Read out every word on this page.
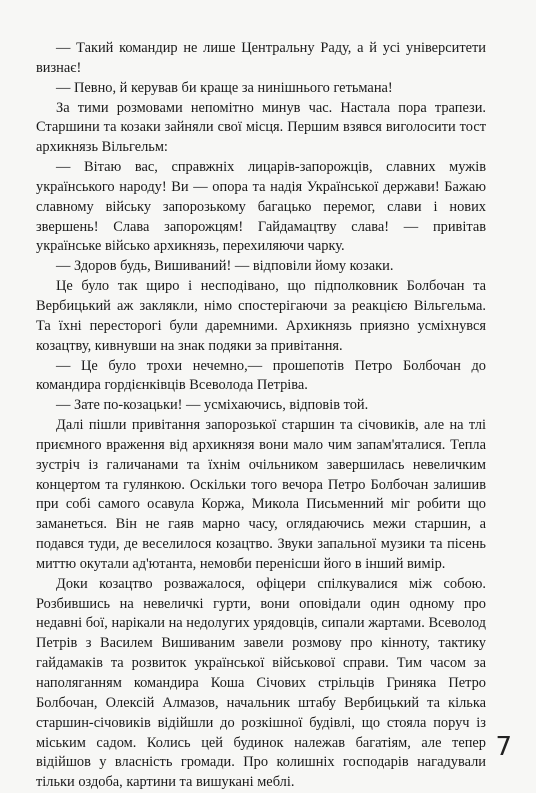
— Такий командир не лише Центральну Раду, а й усі університети визнає!

— Певно, й керував би краще за нинішнього гетьмана!

За тими розмовами непомітно минув час. Настала пора трапези. Старшини та козаки зайняли свої місця. Першим взявся виголосити тост архикнязь Вільгельм:

— Вітаю вас, справжніх лицарів-запорожців, славних мужів українського народу! Ви — опора та надія Української держави! Бажаю славному війську запорозькому багацько перемог, слави і нових звершень! Слава запорожцям! Гайдамацтву слава! — привітав українське військо архикнязь, перехиляючи чарку.

— Здоров будь, Вишиваний! — відповіли йому козаки.

Це було так щиро і несподівано, що підполковник Болбочан та Вербицький аж заклякли, німо спостерігаючи за реакцією Вільгельма. Та їхні пересторогі були даремними. Архикнязь приязно усміхнувся козацтву, кивнувши на знак подяки за привітання.

— Це було трохи нечемно,— прошепотів Петро Болбочан до командира гордієнківців Всеволода Петріва.

— Зате по-козацьки! — усміхаючись, відповів той.

Далі пішли привітання запорозької старшин та січовиків, але на тлі приємного враження від архикнязя вони мало чим запам'яталися. Тепла зустріч із галичанами та їхнім очільником завершилась невеличким концертом та гулянкою. Оскільки того вечора Петро Болбочан залишив при собі самого осавула Коржа, Микола Письменний міг робити що заманеться. Він не гаяв марно часу, оглядаючись межи старшин, а подався туди, де веселилося козацтво. Звуки запальної музики та пісень миттю окутали ад'ютанта, немовби перенісши його в інший вимір.

Доки козацтво розважалося, офіцери спілкувалися між собою. Розбившись на невеличкі гурти, вони оповідали один одному про недавні бої, нарікали на недолугих урядовців, сипали жартами. Всеволод Петрів з Василем Вишиваним завели розмову про кінноту, тактику гайдамаків та розвиток української військової справи. Тим часом за наполяганням командира Коша Січових стрільців Гриняка Петро Болбочан, Олексій Алмазов, начальник штабу Вербицький та кілька старшин-січовиків відійшли до розкішної будівлі, що стояла поруч із міським садом. Колись цей будинок належав багатіям, але тепер відійшов у власність громади. Про колишніх господарів нагадували тільки оздоба, картини та вишукані меблі.

7
